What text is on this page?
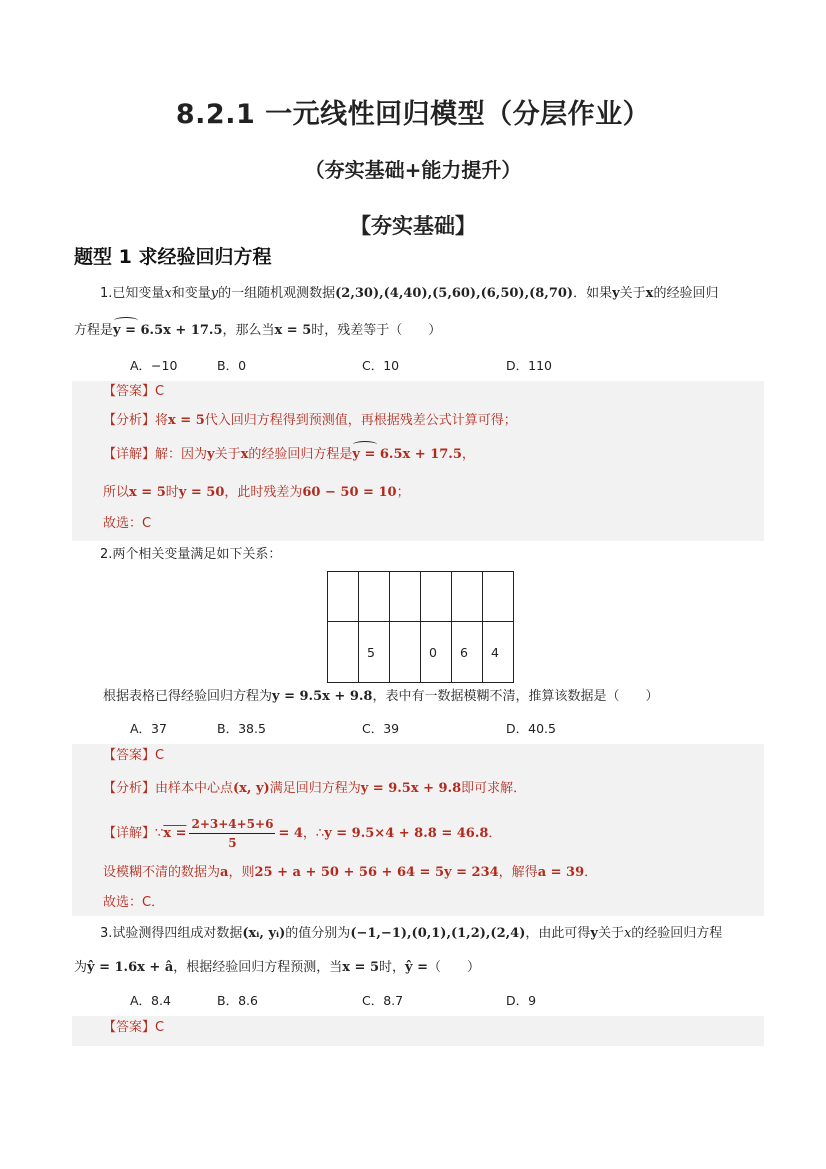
8.2.1 一元线性回归模型（分层作业）
（夯实基础+能力提升）
【夯实基础】
题型 1 求经验回归方程
1.已知变量x和变量y的一组随机观测数据(2,30),(4,40),(5,60),(6,50),(8,70)．如果y关于x的经验回归
方程是y = 6.5x + 17.5，那么当x = 5时，残差等于（　　）
A．−10	B．0	C．10	D．110
【答案】C
【分析】将x = 5代入回归方程得到预测值，再根据残差公式计算可得；
【详解】解：因为y关于x的经验回归方程是y = 6.5x + 17.5，
所以x = 5时y = 50，此时残差为60 − 50 = 10；
故选：C
2.两个相关变量满足如下关系：

	5		0	6	4
根据表格已得经验回归方程为y = 9.5x + 9.8，表中有一数据模糊不清，推算该数据是（　　）
A．37	B．38.5	C．39	D．40.5
【答案】C
【分析】由样本中心点(x, y)满足回归方程为y = 9.5x + 9.8即可求解．
【详解】∵x = $\frac{2+3+4+5+6}{5} = 4$，∴y = 9.5×4 + 8.8 = 46.8．
设模糊不清的数据为a，则25 + a + 50 + 56 + 64 = 5y = 234，解得a = 39．
故选：C．
3.试验测得四组成对数据(xᵢ, yᵢ)的值分别为(−1,−1),(0,1),(1,2),(2,4)，由此可得y关于x的经验回归方程
为ŷ = 1.6x + â，根据经验回归方程预测，当x = 5时，ŷ =（　　）
A．8.4	B．8.6	C．8.7	D．9
【答案】C
